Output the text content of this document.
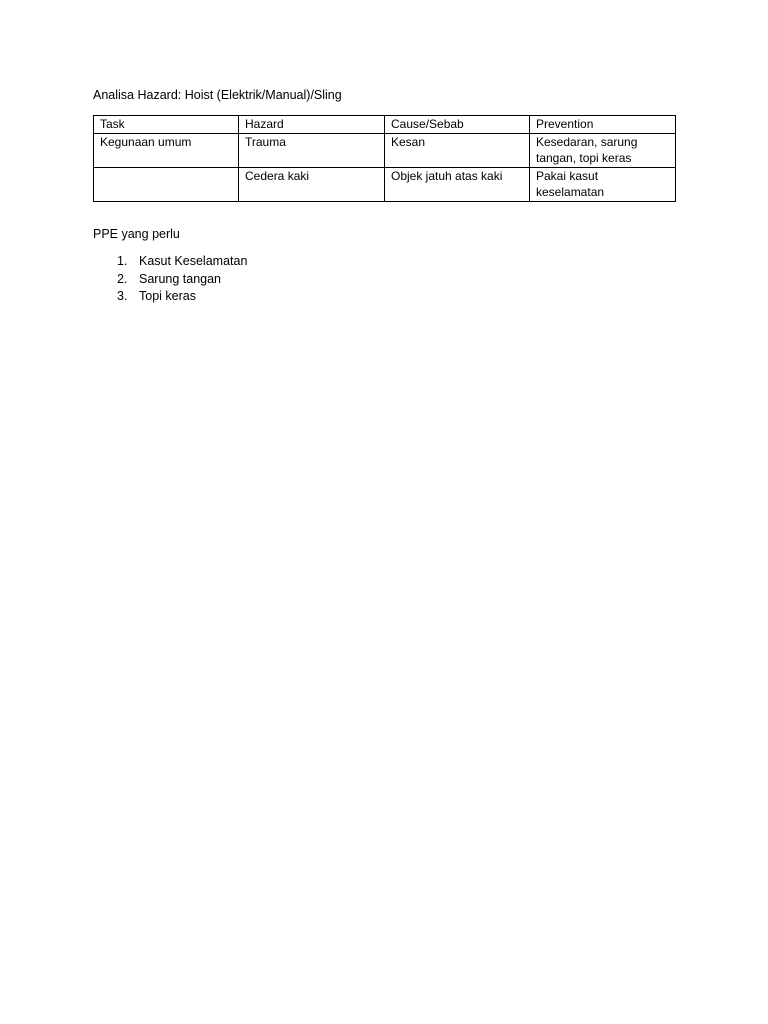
Analisa Hazard: Hoist (Elektrik/Manual)/Sling
Task	Hazard	Cause/Sebab	Prevention
Kegunaan umum	Trauma	Kesan	Kesedaran, sarung tangan, topi keras
	Cedera kaki	Objek jatuh atas kaki	Pakai kasut keselamatan
PPE yang perlu
1. Kasut Keselamatan
2. Sarung tangan
3. Topi keras
